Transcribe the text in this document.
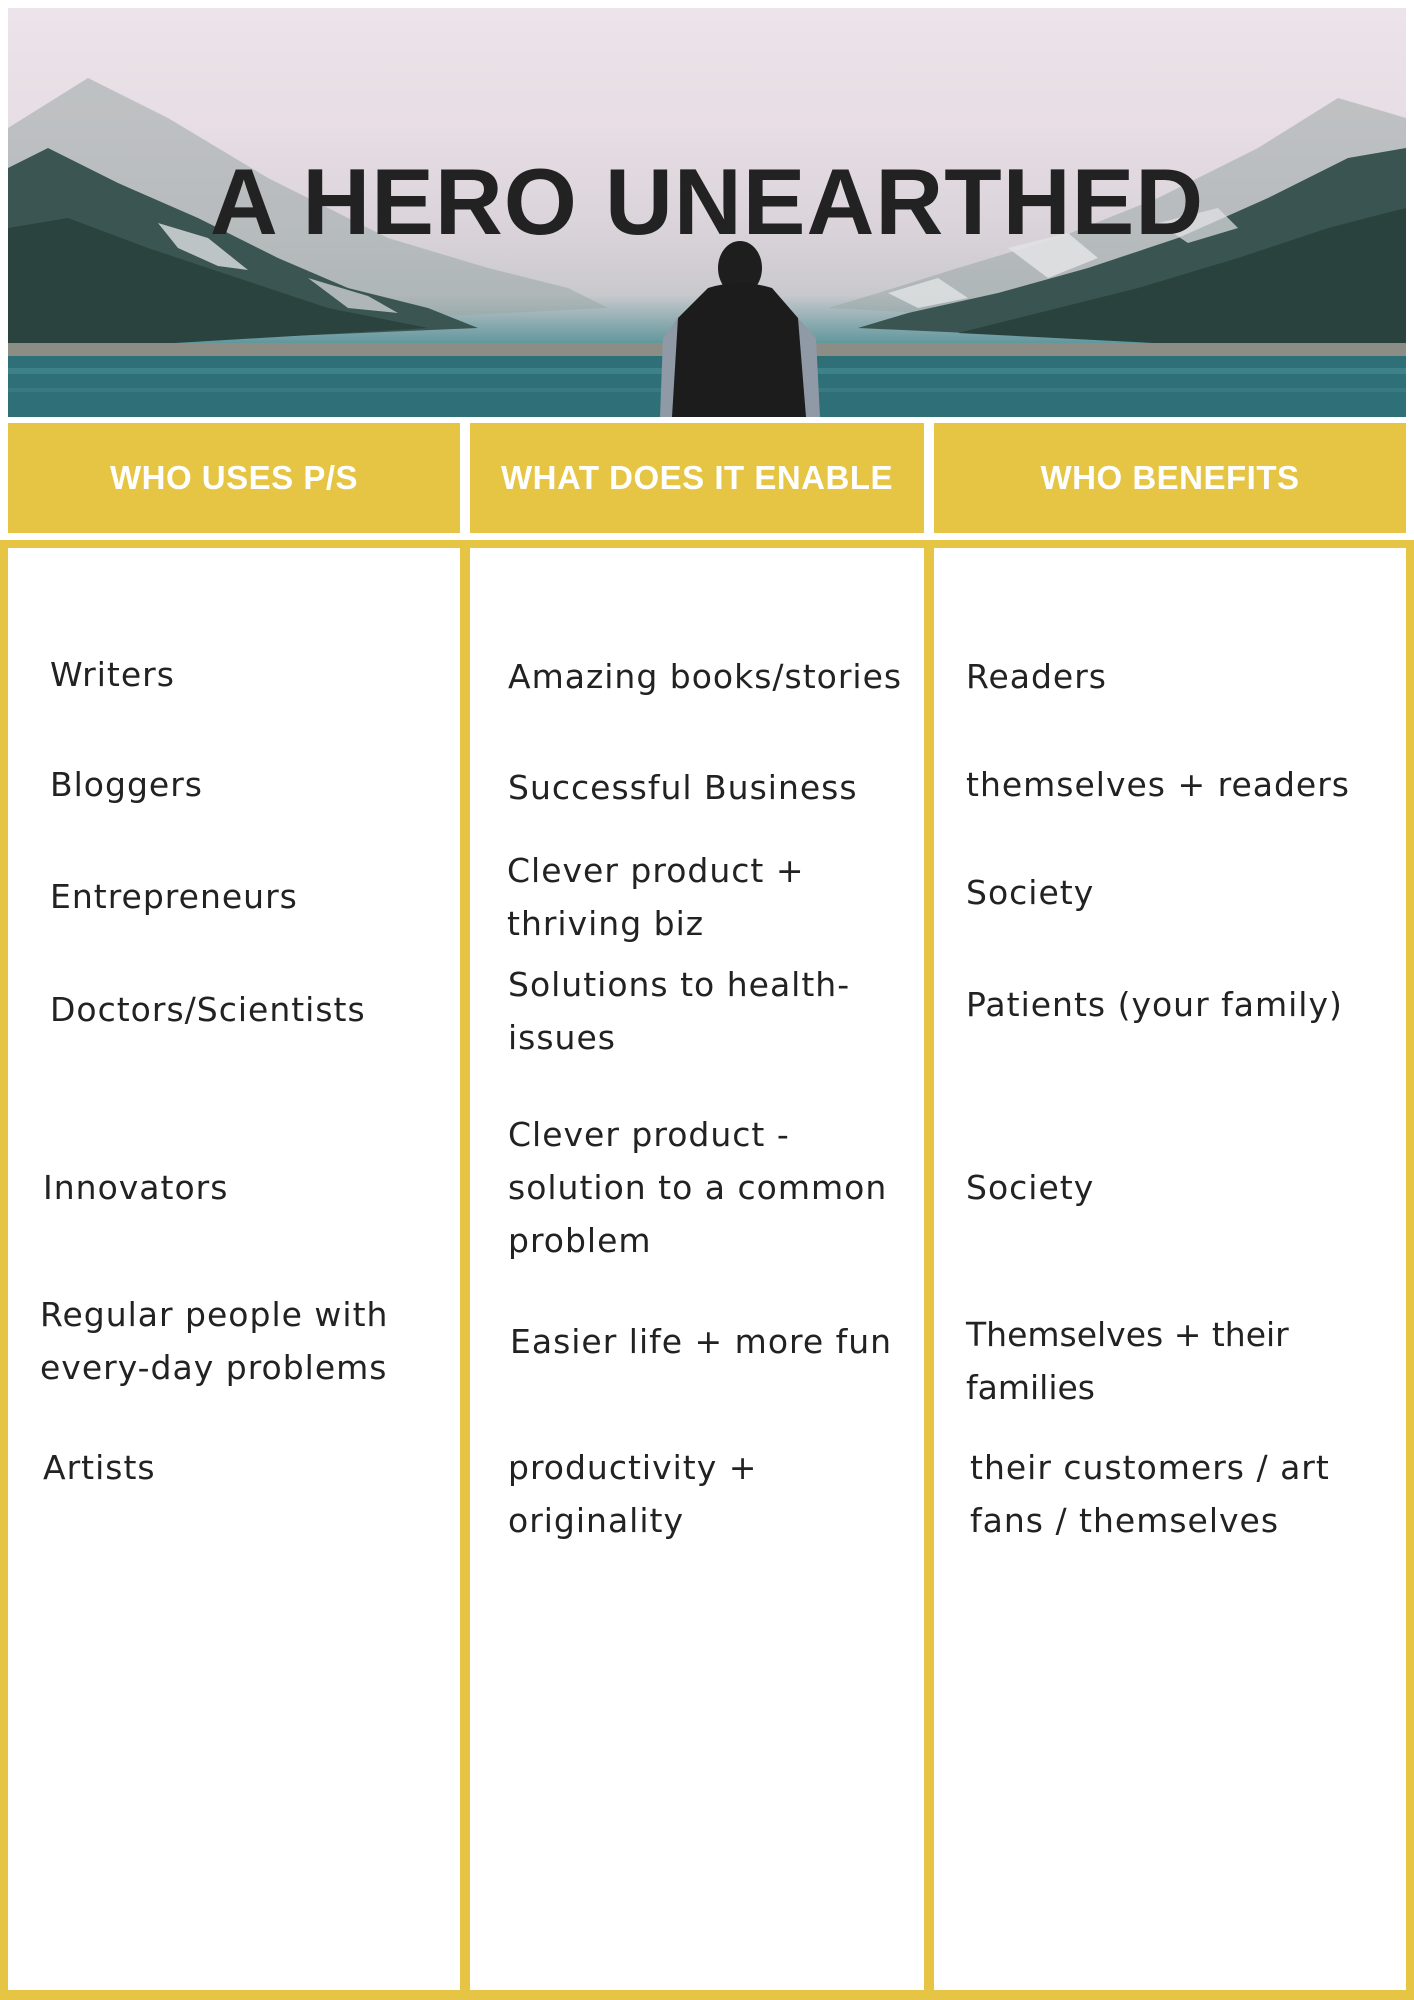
A HERO UNEARTHED
WHO USES P/S	WHAT DOES IT ENABLE	WHO BENEFITS

Writers

Bloggers

Entrepreneurs

Doctors/Scientists

Innovators

Regular people with every-day problems

Artists

Amazing books/stories

Successful Business

Clever product + thriving biz

Solutions to health-issues

Clever product - solution to a common problem

Easier life + more fun

productivity + originality

Readers

themselves + readers

Society

Patients (your family)

Society

Themselves + their families

their customers / art fans / themselves
